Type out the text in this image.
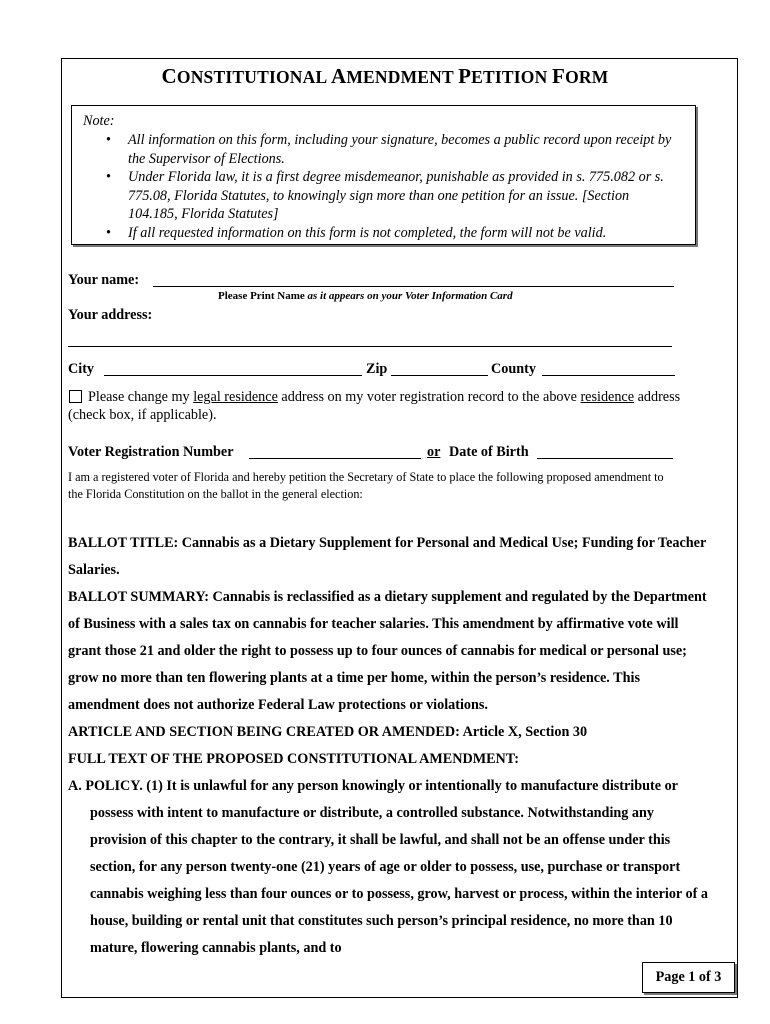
CONSTITUTIONAL AMENDMENT PETITION FORM
Note:
• All information on this form, including your signature, becomes a public record upon receipt by the Supervisor of Elections.
• Under Florida law, it is a first degree misdemeanor, punishable as provided in s. 775.082 or s. 775.08, Florida Statutes, to knowingly sign more than one petition for an issue. [Section 104.185, Florida Statutes]
• If all requested information on this form is not completed, the form will not be valid.
Your name:
Please Print Name as it appears on your Voter Information Card
Your address:
City	Zip	County
Please change my legal residence address on my voter registration record to the above residence address (check box, if applicable).
Voter Registration Number	or Date of Birth
I am a registered voter of Florida and hereby petition the Secretary of State to place the following proposed amendment to the Florida Constitution on the ballot in the general election:

BALLOT TITLE: Cannabis as a Dietary Supplement for Personal and Medical Use; Funding for Teacher Salaries.

BALLOT SUMMARY: Cannabis is reclassified as a dietary supplement and regulated by the Department of Business with a sales tax on cannabis for teacher salaries. This amendment by affirmative vote will grant those 21 and older the right to possess up to four ounces of cannabis for medical or personal use; grow no more than ten flowering plants at a time per home, within the person’s residence. This amendment does not authorize Federal Law protections or violations.

ARTICLE AND SECTION BEING CREATED OR AMENDED: Article X, Section 30

FULL TEXT OF THE PROPOSED CONSTITUTIONAL AMENDMENT:

A. POLICY. (1) It is unlawful for any person knowingly or intentionally to manufacture distribute or possess with intent to manufacture or distribute, a controlled substance. Notwithstanding any provision of this chapter to the contrary, it shall be lawful, and shall not be an offense under this section, for any person twenty-one (21) years of age or older to possess, use, purchase or transport cannabis weighing less than four ounces or to possess, grow, harvest or process, within the interior of a house, building or rental unit that constitutes such person’s principal residence, no more than 10 mature, flowering cannabis plants, and to

Page 1 of 3
